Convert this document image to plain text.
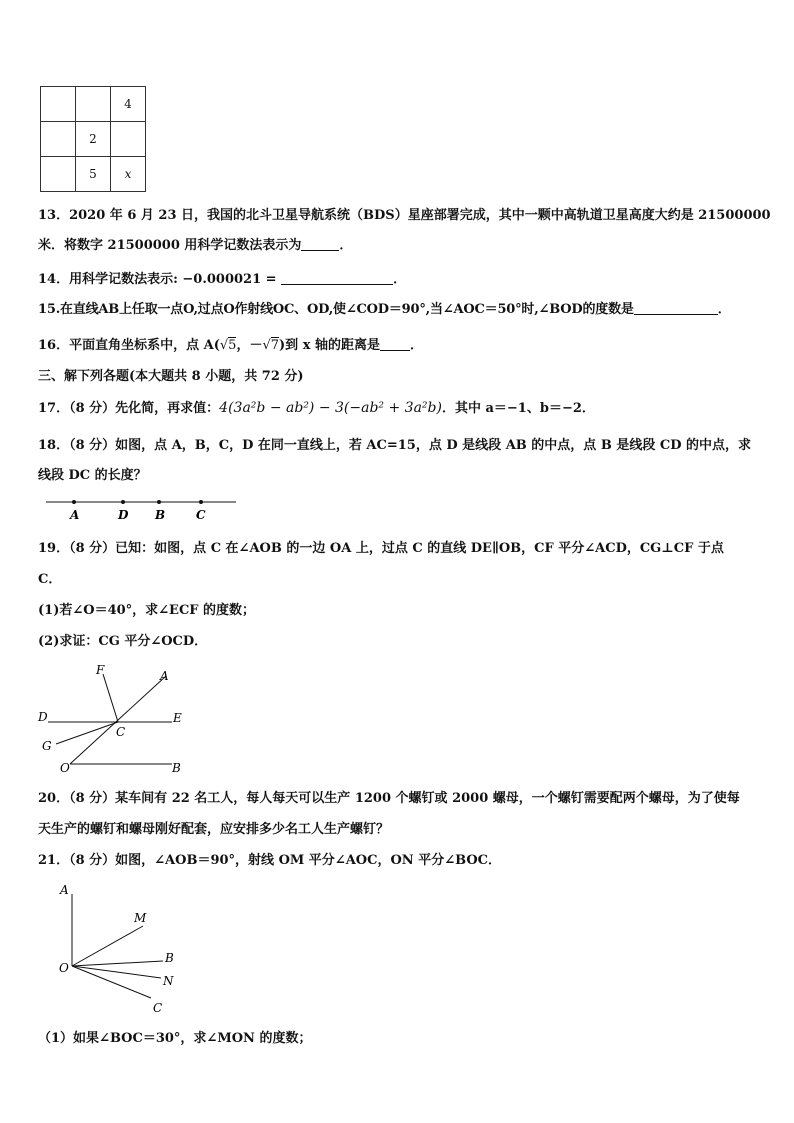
		4
	2	
	5	x
13．2020 年 6 月 23 日，我国的北斗卫星导航系统（BDS）星座部署完成，其中一颗中高轨道卫星高度大约是 21500000
米．将数字 21500000 用科学记数法表示为	．
14．用科学记数法表示: −0.000021 =	．
15.在直线AB上任取一点O,过点O作射线OC、OD,使∠COD＝90°,当∠AOC＝50°时,∠BOD的度数是	．
16．平面直角坐标系中，点 A(√5，－√7)到 x 轴的距离是 ．
三、解下列各题(本大题共 8 小题，共 72 分)
17．（8 分）先化简，再求值：4(3a²b − ab²) − 3(−ab² + 3a²b)．其中 a＝−1、b＝−2．
18．（8 分）如图，点 A，B，C，D 在同一直线上，若 AC=15，点 D 是线段 AB 的中点，点 B 是线段 CD 的中点，求
线段 DC 的长度？
A	D B	C
19．（8 分）已知：如图，点 C 在∠AOB 的一边 OA 上，过点 C 的直线 DE∥OB，CF 平分∠ACD，CG⊥CF 于点
C．
(1)若∠O＝40°，求∠ECF 的度数；
(2)求证：CG 平分∠OCD．
F	A
D	E
C
G
O	B
20．（8 分）某车间有 22 名工人，每人每天可以生产 1200 个螺钉或 2000 螺母，一个螺钉需要配两个螺母，为了使每
天生产的螺钉和螺母刚好配套，应安排多少名工人生产螺钉？
21．（8 分）如图，∠AOB＝90°，射线 OM 平分∠AOC，ON 平分∠BOC．
A
M
B
O
N
C
（1）如果∠BOC＝30°，求∠MON 的度数；
